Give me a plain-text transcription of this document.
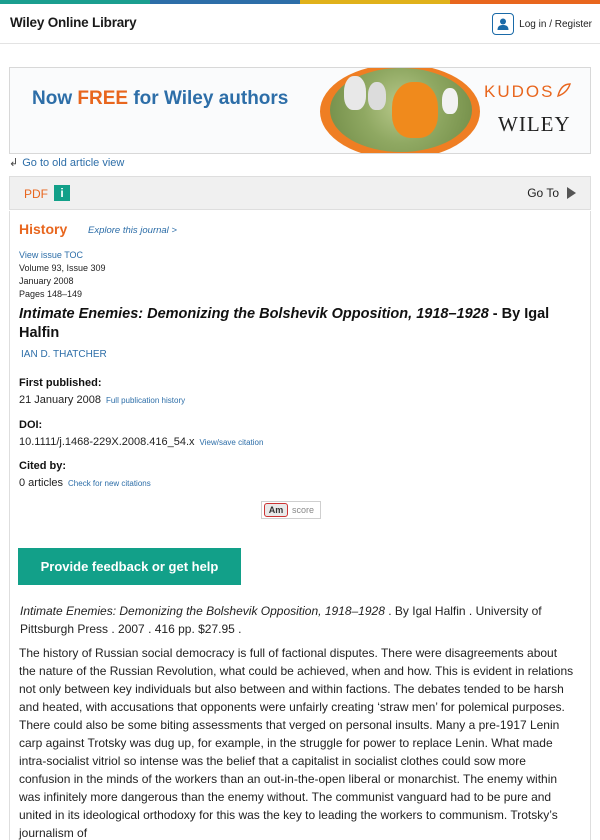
Wiley Online Library	Log in / Register
Now FREE for Wiley authors	KUDOS
WILEY
↲ Go to old article view
PDF	i	Go To
History Explore this journal >
View issue TOC
Volume 93, Issue 309
January 2008
Pages 148–149
Intimate Enemies: Demonizing the Bolshevik Opposition, 1918–1928 - By Igal Halfin
IAN D. THATCHER
First published:
21 January 2008 Full publication history
DOI:
10.1111/j.1468-229X.2008.416_54.x View/save citation
Cited by:
0 articles Check for new citations
Am score
Provide feedback or get help
Intimate Enemies: Demonizing the Bolshevik Opposition, 1918–1928 . By Igal Halfin . University of Pittsburgh Press . 2007 . 416 pp. $27.95 .
The history of Russian social democracy is full of factional disputes. There were disagreements about the nature of the Russian Revolution, what could be achieved, when and how. This is evident in relations not only between key individuals but also between and within factions. The debates tended to be harsh and heated, with accusations that opponents were unfairly creating ‘straw men’ for polemical purposes. There could also be some biting assessments that verged on personal insults. Many a pre-1917 Lenin carp against Trotsky was dug up, for example, in the struggle for power to replace Lenin. What made intra-socialist vitriol so intense was the belief that a capitalist in socialist clothes could sow more confusion in the minds of the workers than an out-in-the-open liberal or monarchist. The enemy within was infinitely more dangerous than the enemy without. The communist vanguard had to be pure and united in its ideological orthodoxy for this was the key to leading the workers to communism. Trotsky’s journalism of
